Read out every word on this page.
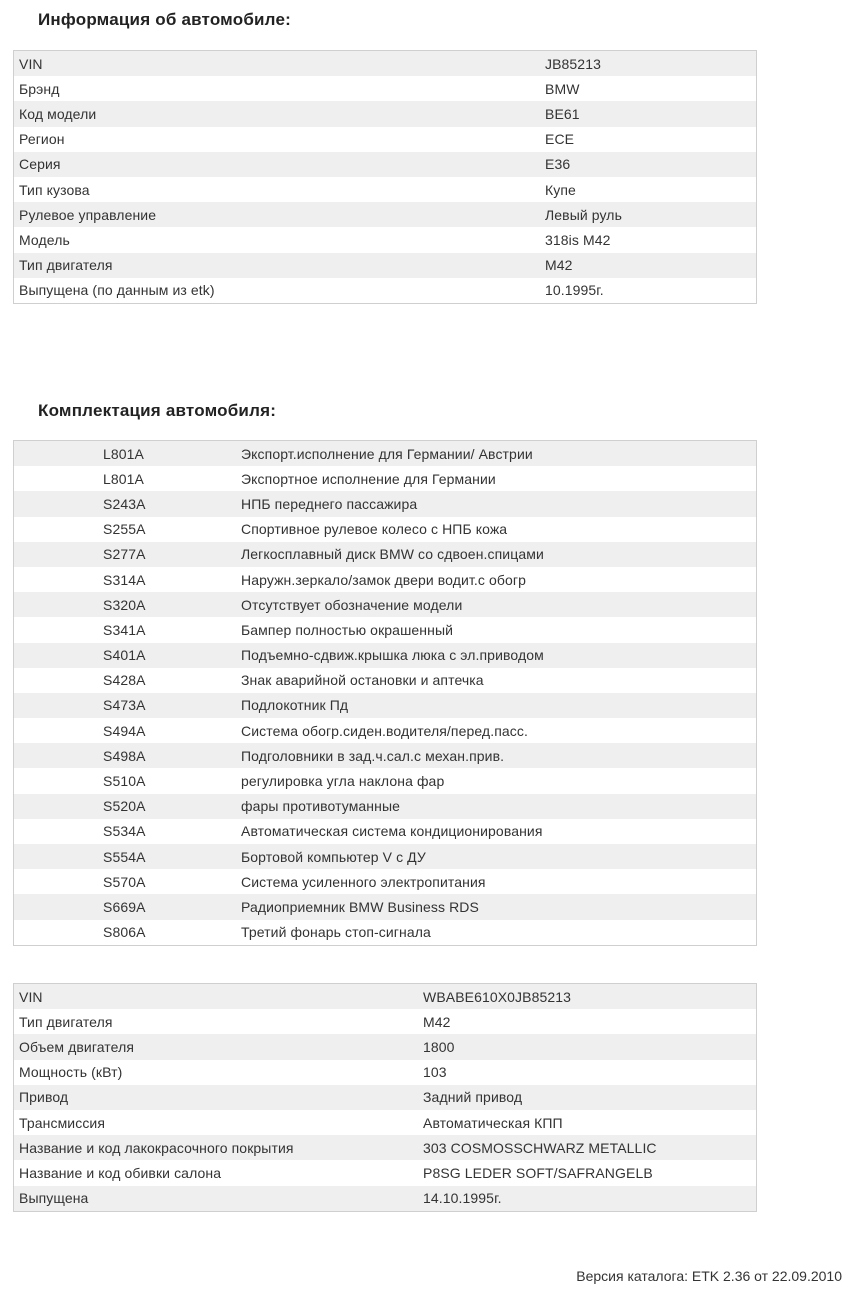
Информация об автомобиле:
VIN	JB85213
Брэнд	BMW
Код модели	BE61
Регион	ECE
Серия	E36
Тип кузова	Купе
Рулевое управление	Левый руль
Модель	318is M42
Тип двигателя	M42
Выпущена (по данным из etk)	10.1995г.
Комплектация автомобиля:
L801A	Экспорт.исполнение для Германии/ Австрии
L801A	Экспортное исполнение для Германии
S243A	НПБ переднего пассажира
S255A	Спортивное рулевое колесо с НПБ кожа
S277A	Легкосплавный диск BMW со сдвоен.спицами
S314A	Наружн.зеркало/замок двери водит.с обогр
S320A	Отсутствует обозначение модели
S341A	Бампер полностью окрашенный
S401A	Подъемно-сдвиж.крышка люка с эл.приводом
S428A	Знак аварийной остановки и аптечка
S473A	Подлокотник Пд
S494A	Система обогр.сиден.водителя/перед.пасс.
S498A	Подголовники в зад.ч.сал.с механ.прив.
S510A	регулировка угла наклона фар
S520A	фары противотуманные
S534A	Автоматическая система кондиционирования
S554A	Бортовой компьютер V с ДУ
S570A	Система усиленного электропитания
S669A	Радиоприемник BMW Business RDS
S806A	Третий фонарь стоп-сигнала
VIN	WBABE610X0JB85213
Тип двигателя	M42
Объем двигателя	1800
Мощность (кВт)	103
Привод	Задний привод
Трансмиссия	Автоматическая КПП
Название и код лакокрасочного покрытия	303 COSMOSSCHWARZ METALLIC
Название и код обивки салона	P8SG LEDER SOFT/SAFRANGELB
Выпущена	14.10.1995г.
Версия каталога: ETK 2.36 от 22.09.2010
